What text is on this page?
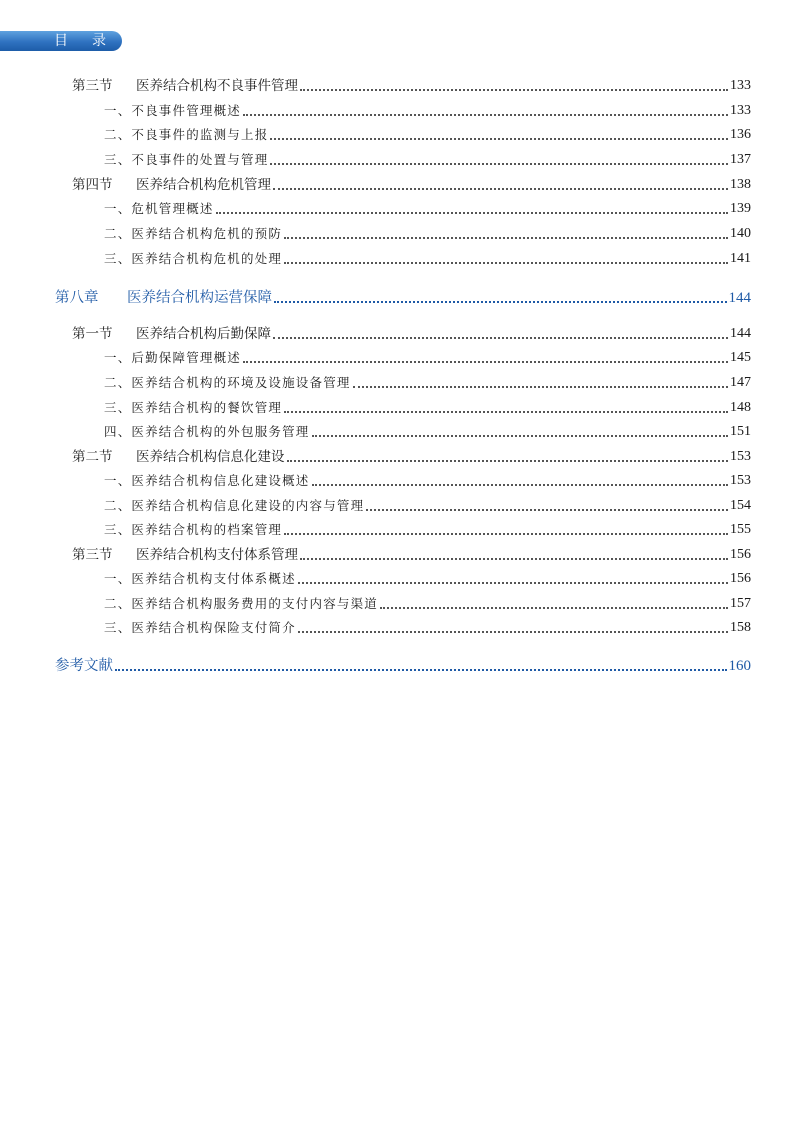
目 录
第三节 医养结合机构不良事件管理	133
一、不良事件管理概述	133
二、不良事件的监测与上报	136
三、不良事件的处置与管理	137
第四节 医养结合机构危机管理	138
一、危机管理概述	139
二、医养结合机构危机的预防	140
三、医养结合机构危机的处理	141
第八章 医养结合机构运营保障	144
第一节 医养结合机构后勤保障	144
一、后勤保障管理概述	145
二、医养结合机构的环境及设施设备管理	147
三、医养结合机构的餐饮管理	148
四、医养结合机构的外包服务管理	151
第二节 医养结合机构信息化建设	153
一、医养结合机构信息化建设概述	153
二、医养结合机构信息化建设的内容与管理	154
三、医养结合机构的档案管理	155
第三节 医养结合机构支付体系管理	156
一、医养结合机构支付体系概述	156
二、医养结合机构服务费用的支付内容与渠道	157
三、医养结合机构保险支付简介	158
参考文献	160
